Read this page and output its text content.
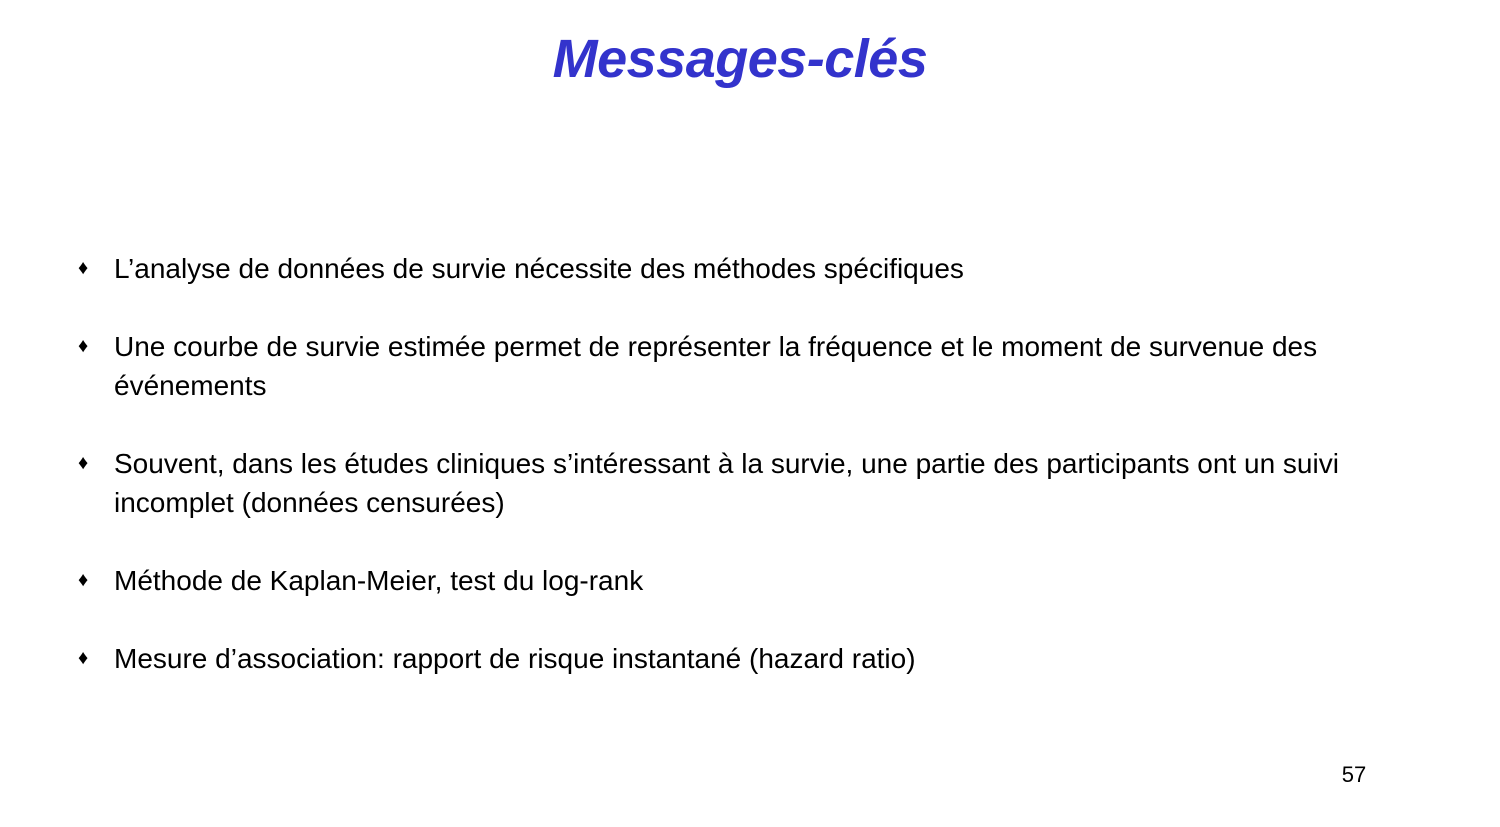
Messages-clés
♦ L’analyse de données de survie nécessite des méthodes spécifiques
♦ Une courbe de survie estimée permet de représenter la fréquence et le moment de survenue des événements
♦ Souvent, dans les études cliniques s’intéressant à la survie, une partie des participants ont un suivi incomplet (données censurées)
♦ Méthode de Kaplan-Meier, test du log-rank
♦ Mesure d’association: rapport de risque instantané (hazard ratio)
57
